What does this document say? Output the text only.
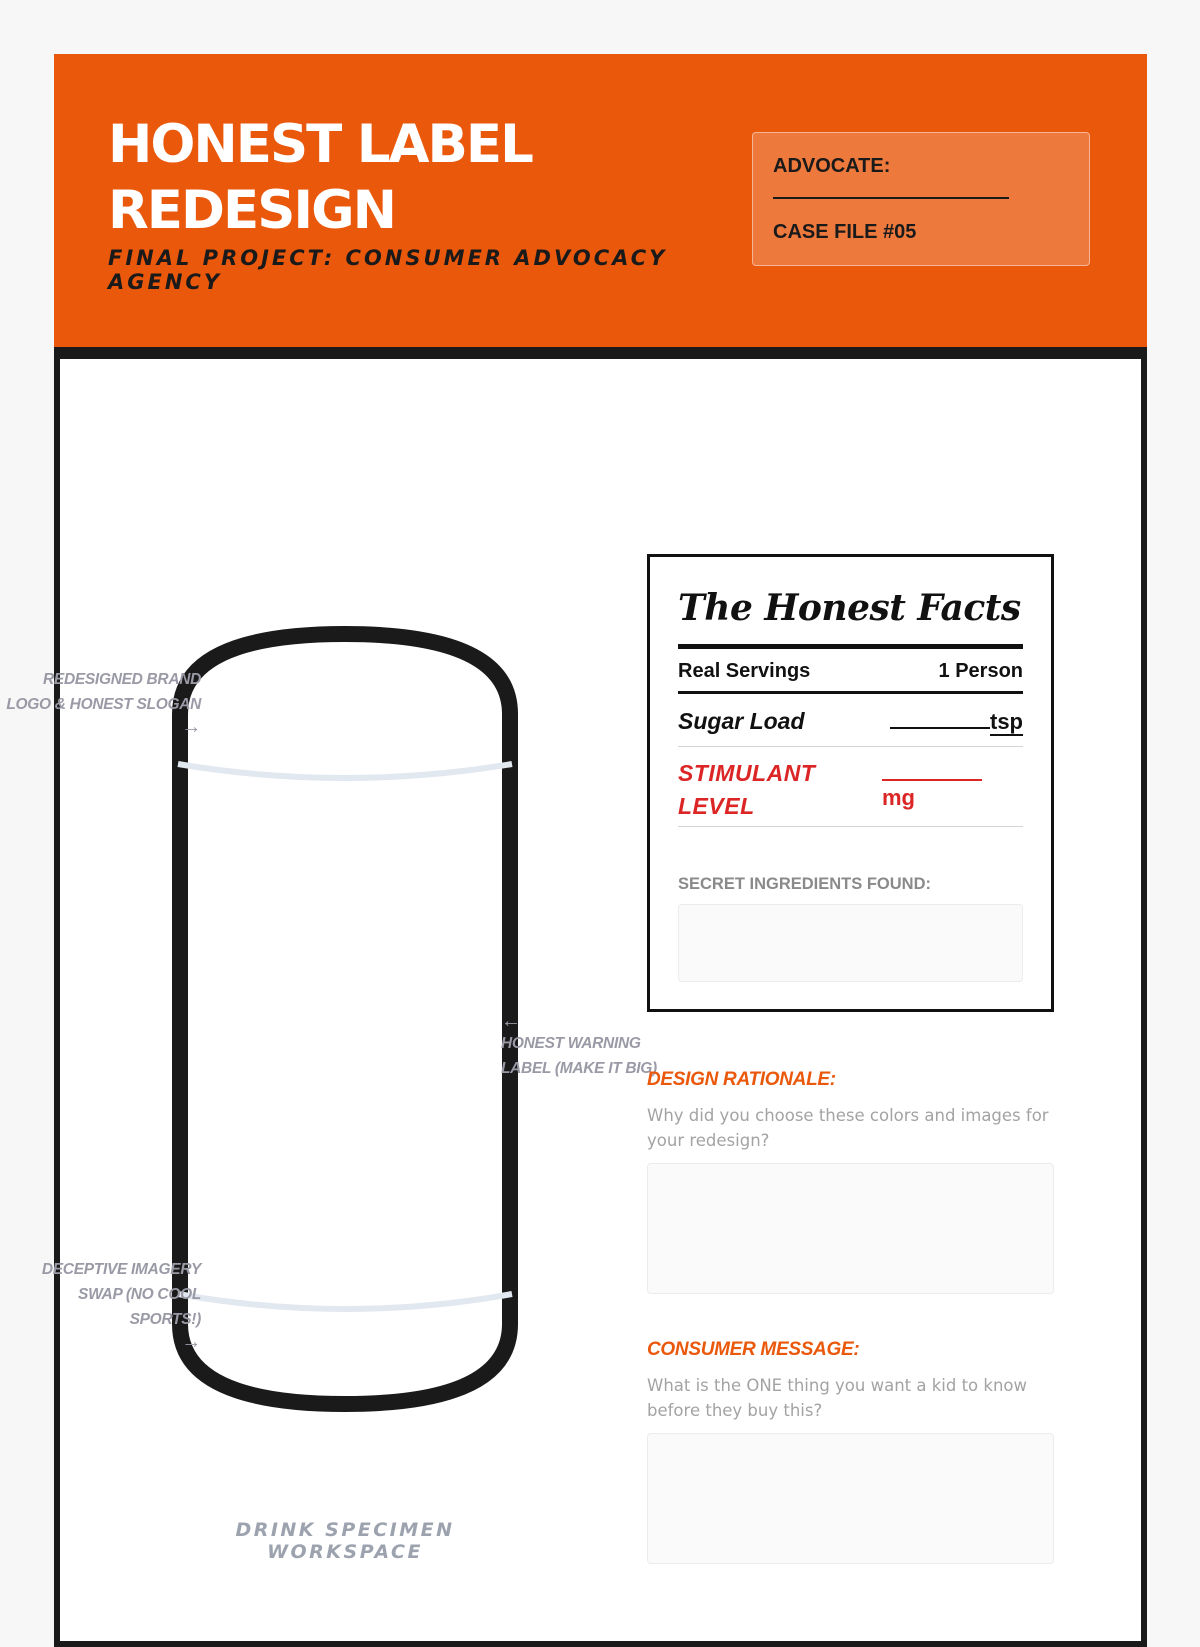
HONEST LABEL
REDESIGN
FINAL PROJECT: CONSUMER ADVOCACY AGENCY
ADVOCATE:
CASE FILE #05
REDESIGNED BRAND
LOGO & HONEST SLOGAN
→
←
HONEST WARNING
LABEL (MAKE IT BIG)
DECEPTIVE IMAGERY
SWAP (NO COOL
SPORTS!)
→
DRINK SPECIMEN WORKSPACE
The Honest Facts
Real Servings	1 Person
Sugar Load	tsp
STIMULANT LEVEL	mg
SECRET INGREDIENTS FOUND:
DESIGN RATIONALE:

Why did you choose these colors and images for your redesign?

CONSUMER MESSAGE:

What is the ONE thing you want a kid to know before they buy this?
